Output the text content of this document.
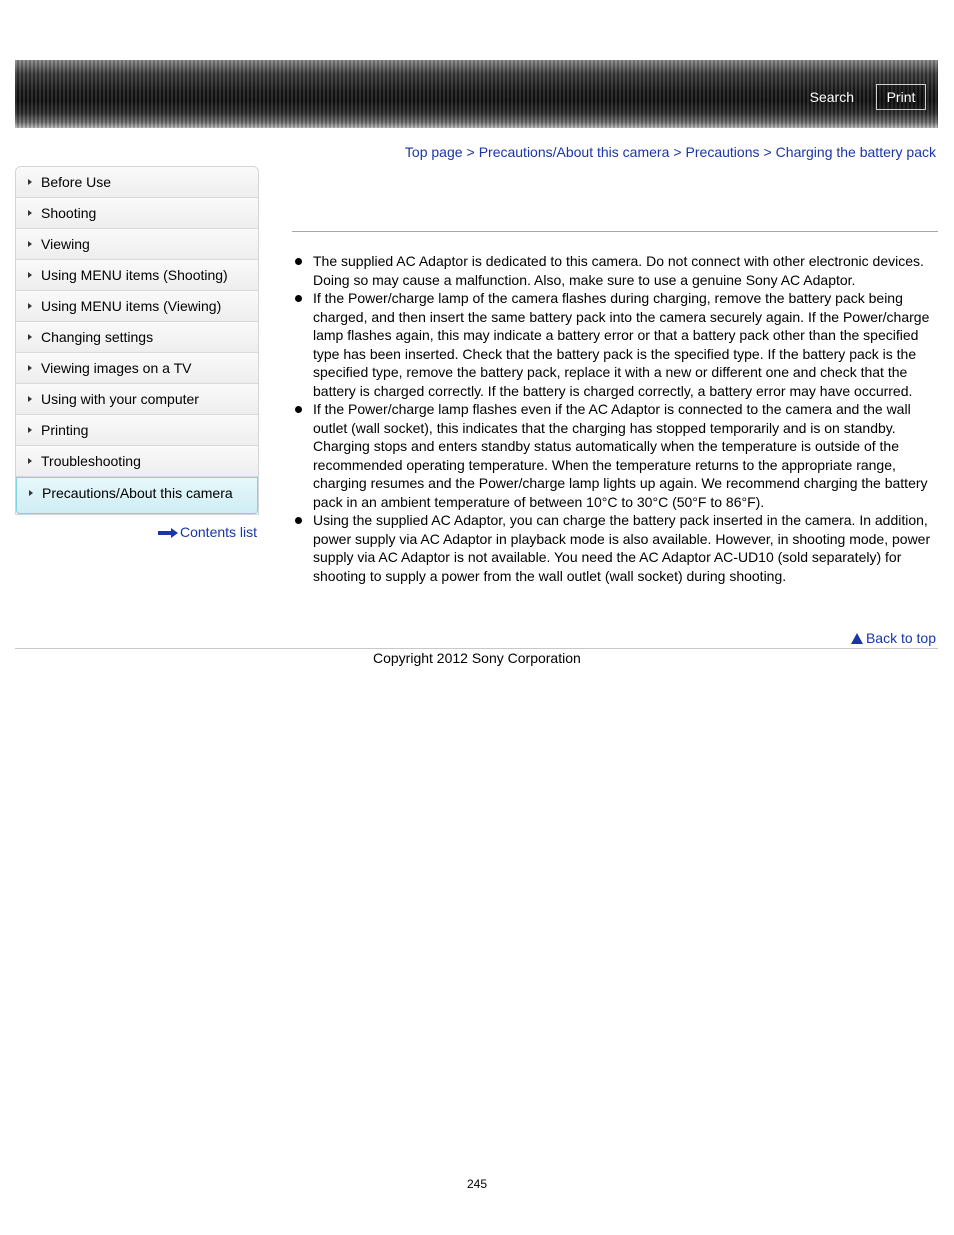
Search	Print
Top page > Precautions/About this camera > Precautions > Charging the battery pack
Before Use
Shooting
Viewing
Using MENU items (Shooting)
Using MENU items (Viewing)
Changing settings
Viewing images on a TV
Using with your computer
Printing
Troubleshooting
Precautions/About this camera
Contents list
The supplied AC Adaptor is dedicated to this camera. Do not connect with other electronic devices. Doing so may cause a malfunction. Also, make sure to use a genuine Sony AC Adaptor.
If the Power/charge lamp of the camera flashes during charging, remove the battery pack being charged, and then insert the same battery pack into the camera securely again. If the Power/charge lamp flashes again, this may indicate a battery error or that a battery pack other than the specified type has been inserted. Check that the battery pack is the specified type. If the battery pack is the specified type, remove the battery pack, replace it with a new or different one and check that the battery is charged correctly. If the battery is charged correctly, a battery error may have occurred.
If the Power/charge lamp flashes even if the AC Adaptor is connected to the camera and the wall outlet (wall socket), this indicates that the charging has stopped temporarily and is on standby. Charging stops and enters standby status automatically when the temperature is outside of the recommended operating temperature. When the temperature returns to the appropriate range, charging resumes and the Power/charge lamp lights up again. We recommend charging the battery pack in an ambient temperature of between 10°C to 30°C (50°F to 86°F).
Using the supplied AC Adaptor, you can charge the battery pack inserted in the camera. In addition, power supply via AC Adaptor in playback mode is also available. However, in shooting mode, power supply via AC Adaptor is not available. You need the AC Adaptor AC-UD10 (sold separately) for shooting to supply a power from the wall outlet (wall socket) during shooting.
Back to top
Copyright 2012 Sony Corporation
245
